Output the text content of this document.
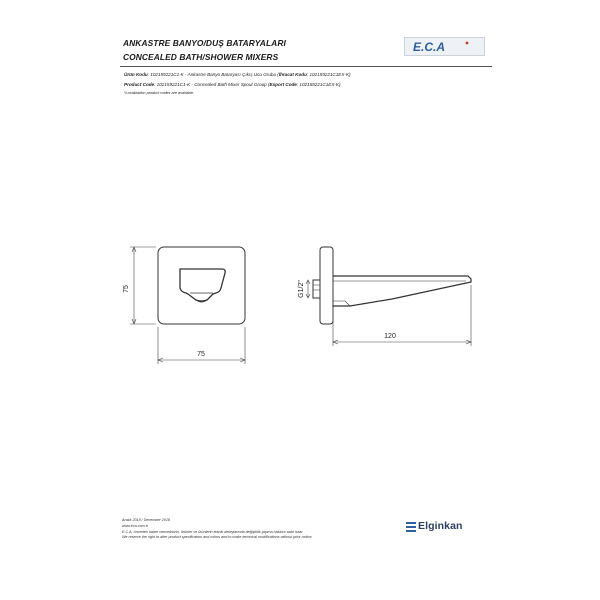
ANKASTRE BANYO/DUŞ BATARYALARI
CONCEALED BATH/SHOWER MIXERS
E.C.A
Ürün Kodu: 102159221C1-K - Ankastre Banyo Bataryası Çıkış Ucu Grubu (İhracat Kodu: 102159221C1EX-K)
Product Code: 102159221C1-K - Concealed Bath Mixer Spout Group (Export Code: 102159221C1EX-K)
*Localization product codes are available.
75
75
G1/2"
120
Aralık 2018 / December 2018
www.eca.com.tr
E.C.A. önceden haber vermeksizin, ürünler ve ürünlerin teknik detaylarında değişiklik yapma hakkını saklı tutar.
We reserve the right to alter product specification and colors and to make technical modifications without prior notice.
Elginkan
